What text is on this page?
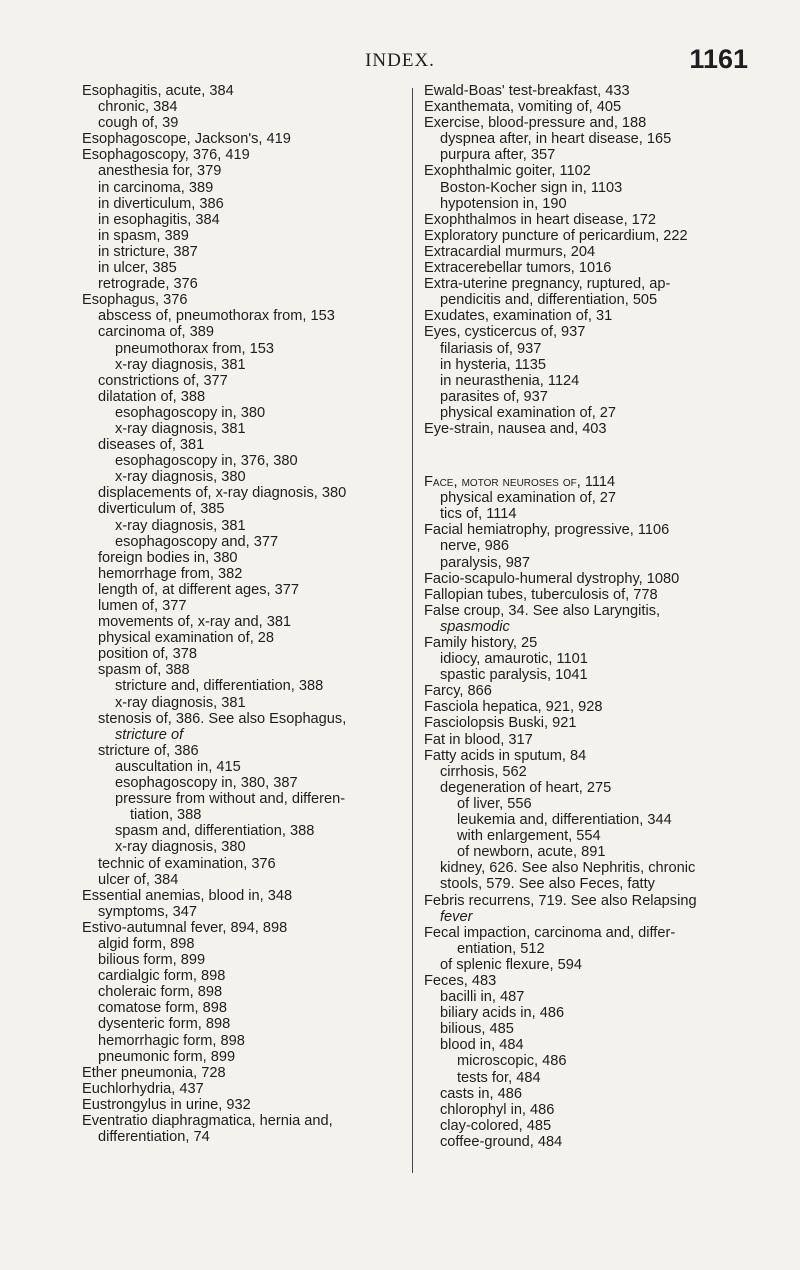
INDEX.	1161
Esophagitis, acute, 384
chronic, 384
cough of, 39
Esophagoscope, Jackson's, 419
Esophagoscopy, 376, 419
anesthesia for, 379
in carcinoma, 389
in diverticulum, 386
in esophagitis, 384
in spasm, 389
in stricture, 387
in ulcer, 385
retrograde, 376
Esophagus, 376
abscess of, pneumothorax from, 153
carcinoma of, 389
pneumothorax from, 153
x-ray diagnosis, 381
constrictions of, 377
dilatation of, 388
esophagoscopy in, 380
x-ray diagnosis, 381
diseases of, 381
esophagoscopy in, 376, 380
x-ray diagnosis, 380
displacements of, x-ray diagnosis, 380
diverticulum of, 385
x-ray diagnosis, 381
esophagoscopy and, 377
foreign bodies in, 380
hemorrhage from, 382
length of, at different ages, 377
lumen of, 377
movements of, x-ray and, 381
physical examination of, 28
position of, 378
spasm of, 388
stricture and, differentiation, 388
x-ray diagnosis, 381
stenosis of, 386. See also Esophagus,
stricture of
stricture of, 386
auscultation in, 415
esophagoscopy in, 380, 387
pressure from without and, differen-
tiation, 388
spasm and, differentiation, 388
x-ray diagnosis, 380
technic of examination, 376
ulcer of, 384
Essential anemias, blood in, 348
symptoms, 347
Estivo-autumnal fever, 894, 898
algid form, 898
bilious form, 899
cardialgic form, 898
choleraic form, 898
comatose form, 898
dysenteric form, 898
hemorrhagic form, 898
pneumonic form, 899
Ether pneumonia, 728
Euchlorhydria, 437
Eustrongylus in urine, 932
Eventratio diaphragmatica, hernia and,
differentiation, 74
Ewald-Boas' test-breakfast, 433
Exanthemata, vomiting of, 405
Exercise, blood-pressure and, 188
dyspnea after, in heart disease, 165
purpura after, 357
Exophthalmic goiter, 1102
Boston-Kocher sign in, 1103
hypotension in, 190
Exophthalmos in heart disease, 172
Exploratory puncture of pericardium, 222
Extracardial murmurs, 204
Extracerebellar tumors, 1016
Extra-uterine pregnancy, ruptured, ap-
pendicitis and, differentiation, 505
Exudates, examination of, 31
Eyes, cysticercus of, 937
filariasis of, 937
in hysteria, 1135
in neurasthenia, 1124
parasites of, 937
physical examination of, 27
Eye-strain, nausea and, 403
Face, motor neuroses of, 1114
physical examination of, 27
tics of, 1114
Facial hemiatrophy, progressive, 1106
nerve, 986
paralysis, 987
Facio-scapulo-humeral dystrophy, 1080
Fallopian tubes, tuberculosis of, 778
False croup, 34. See also Laryngitis,
spasmodic
Family history, 25
idiocy, amaurotic, 1101
spastic paralysis, 1041
Farcy, 866
Fasciola hepatica, 921, 928
Fasciolopsis Buski, 921
Fat in blood, 317
Fatty acids in sputum, 84
cirrhosis, 562
degeneration of heart, 275
of liver, 556
leukemia and, differentiation, 344
with enlargement, 554
of newborn, acute, 891
kidney, 626. See also Nephritis, chronic
stools, 579. See also Feces, fatty
Febris recurrens, 719. See also Relapsing
fever
Fecal impaction, carcinoma and, differ-
entiation, 512
of splenic flexure, 594
Feces, 483
bacilli in, 487
biliary acids in, 486
bilious, 485
blood in, 484
microscopic, 486
tests for, 484
casts in, 486
chlorophyl in, 486
clay-colored, 485
coffee-ground, 484
